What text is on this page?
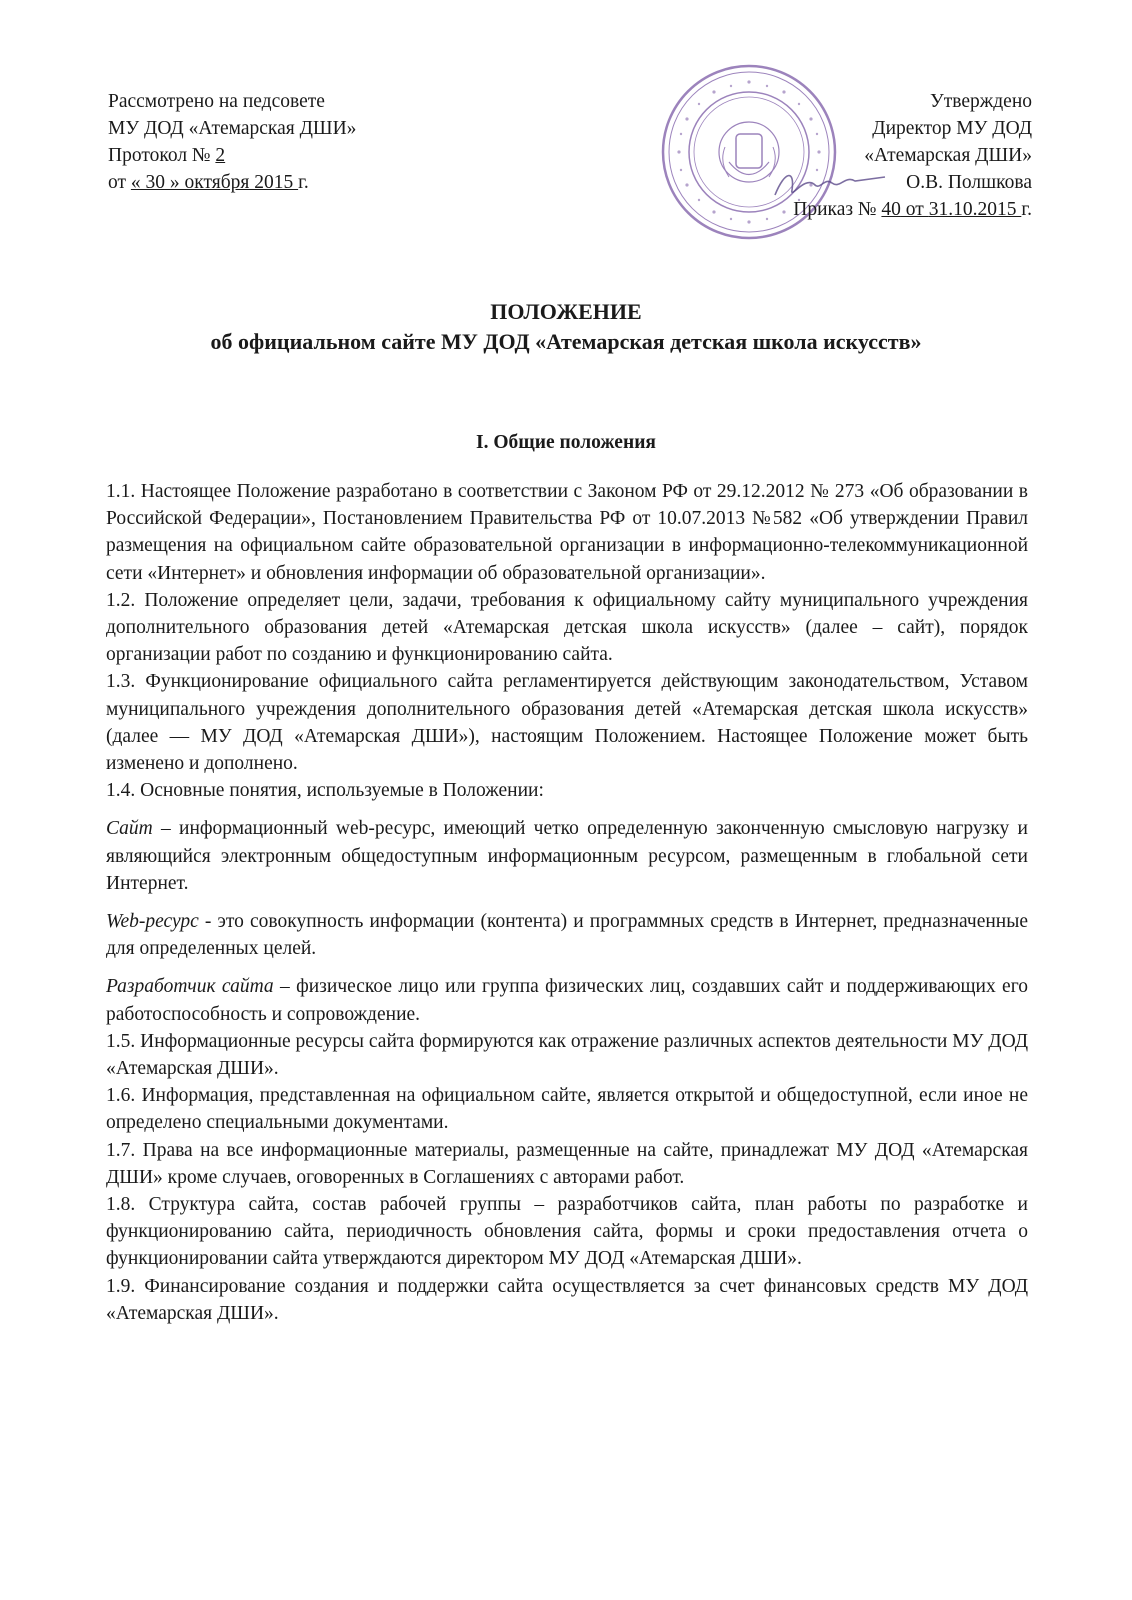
Рассмотрено на педсовете
МУ ДОД «Атемарская ДШИ»
Протокол № 2
от « 30 » октября 2015 г.
Утверждено
Директор МУ ДОД
«Атемарская ДШИ»
О.В. Полшкова
Приказ № 40 от 31.10.2015 г.
ПОЛОЖЕНИЕ
об официальном сайте МУ ДОД «Атемарская детская школа искусств»
I. Общие положения

1.1. Настоящее Положение разработано в соответствии с Законом РФ от 29.12.2012 № 273 «Об образовании в Российской Федерации», Постановлением Правительства РФ от 10.07.2013 №582 «Об утверждении Правил размещения на официальном сайте образовательной организации в информационно-телекоммуникационной сети «Интернет» и обновления информации об образовательной организации».

1.2. Положение определяет цели, задачи, требования к официальному сайту муниципального учреждения дополнительного образования детей «Атемарская детская школа искусств» (далее – сайт), порядок организации работ по созданию и функционированию сайта.

1.3. Функционирование официального сайта регламентируется действующим законодательством, Уставом муниципального учреждения дополнительного образования детей «Атемарская детская школа искусств» (далее — МУ ДОД «Атемарская ДШИ»), настоящим Положением. Настоящее Положение может быть изменено и дополнено.

1.4. Основные понятия, используемые в Положении:

Сайт – информационный web-ресурс, имеющий четко определенную законченную смысловую нагрузку и являющийся электронным общедоступным информационным ресурсом, размещенным в глобальной сети Интернет.

Web-ресурс - это совокупность информации (контента) и программных средств в Интернет, предназначенные для определенных целей.

Разработчик сайта – физическое лицо или группа физических лиц, создавших сайт и поддерживающих его работоспособность и сопровождение.

1.5. Информационные ресурсы сайта формируются как отражение различных аспектов деятельности МУ ДОД «Атемарская ДШИ».

1.6. Информация, представленная на официальном сайте, является открытой и общедоступной, если иное не определено специальными документами.

1.7. Права на все информационные материалы, размещенные на сайте, принадлежат МУ ДОД «Атемарская ДШИ» кроме случаев, оговоренных в Соглашениях с авторами работ.

1.8. Структура сайта, состав рабочей группы – разработчиков сайта, план работы по разработке и функционированию сайта, периодичность обновления сайта, формы и сроки предоставления отчета о функционировании сайта утверждаются директором МУ ДОД «Атемарская ДШИ».

1.9. Финансирование создания и поддержки сайта осуществляется за счет финансовых средств МУ ДОД «Атемарская ДШИ».
